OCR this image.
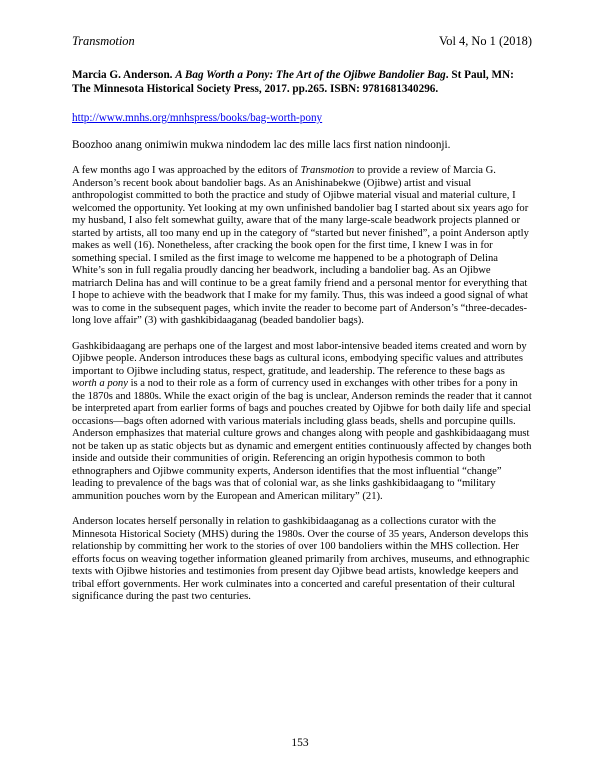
Transmotion	Vol 4, No 1 (2018)

Marcia G. Anderson. A Bag Worth a Pony: The Art of the Ojibwe Bandolier Bag. St Paul, MN: The Minnesota Historical Society Press, 2017. pp.265. ISBN: 9781681340296.

http://www.mnhs.org/mnhspress/books/bag-worth-pony

Boozhoo anang onimiwin mukwa nindodem lac des mille lacs first nation nindoonji.

A few months ago I was approached by the editors of Transmotion to provide a review of Marcia G. Anderson’s recent book about bandolier bags. As an Anishinabekwe (Ojibwe) artist and visual anthropologist committed to both the practice and study of Ojibwe material visual and material culture, I welcomed the opportunity. Yet looking at my own unfinished bandolier bag I started about six years ago for my husband, I also felt somewhat guilty, aware that of the many large-scale beadwork projects planned or started by artists, all too many end up in the category of “started but never finished”, a point Anderson aptly makes as well (16). Nonetheless, after cracking the book open for the first time, I knew I was in for something special. I smiled as the first image to welcome me happened to be a photograph of Delina White’s son in full regalia proudly dancing her beadwork, including a bandolier bag. As an Ojibwe matriarch Delina has and will continue to be a great family friend and a personal mentor for everything that I hope to achieve with the beadwork that I make for my family. Thus, this was indeed a good signal of what was to come in the subsequent pages, which invite the reader to become part of Anderson’s “three-decades-long love affair” (3) with gashkibidaaganag (beaded bandolier bags).

Gashkibidaagang are perhaps one of the largest and most labor-intensive beaded items created and worn by Ojibwe people. Anderson introduces these bags as cultural icons, embodying specific values and attributes important to Ojibwe including status, respect, gratitude, and leadership. The reference to these bags as worth a pony is a nod to their role as a form of currency used in exchanges with other tribes for a pony in the 1870s and 1880s. While the exact origin of the bag is unclear, Anderson reminds the reader that it cannot be interpreted apart from earlier forms of bags and pouches created by Ojibwe for both daily life and special occasions—bags often adorned with various materials including glass beads, shells and porcupine quills. Anderson emphasizes that material culture grows and changes along with people and gashkibidaagang must not be taken up as static objects but as dynamic and emergent entities continuously affected by changes both inside and outside their communities of origin. Referencing an origin hypothesis common to both ethnographers and Ojibwe community experts, Anderson identifies that the most influential “change” leading to prevalence of the bags was that of colonial war, as she links gashkibidaagang to “military ammunition pouches worn by the European and American military” (21).

Anderson locates herself personally in relation to gashkibidaaganag as a collections curator with the Minnesota Historical Society (MHS) during the 1980s. Over the course of 35 years, Anderson develops this relationship by committing her work to the stories of over 100 bandoliers within the MHS collection. Her efforts focus on weaving together information gleaned primarily from archives, museums, and ethnographic texts with Ojibwe histories and testimonies from present day Ojibwe bead artists, knowledge keepers and tribal effort governments. Her work culminates into a concerted and careful presentation of their cultural significance during the past two centuries.

153
